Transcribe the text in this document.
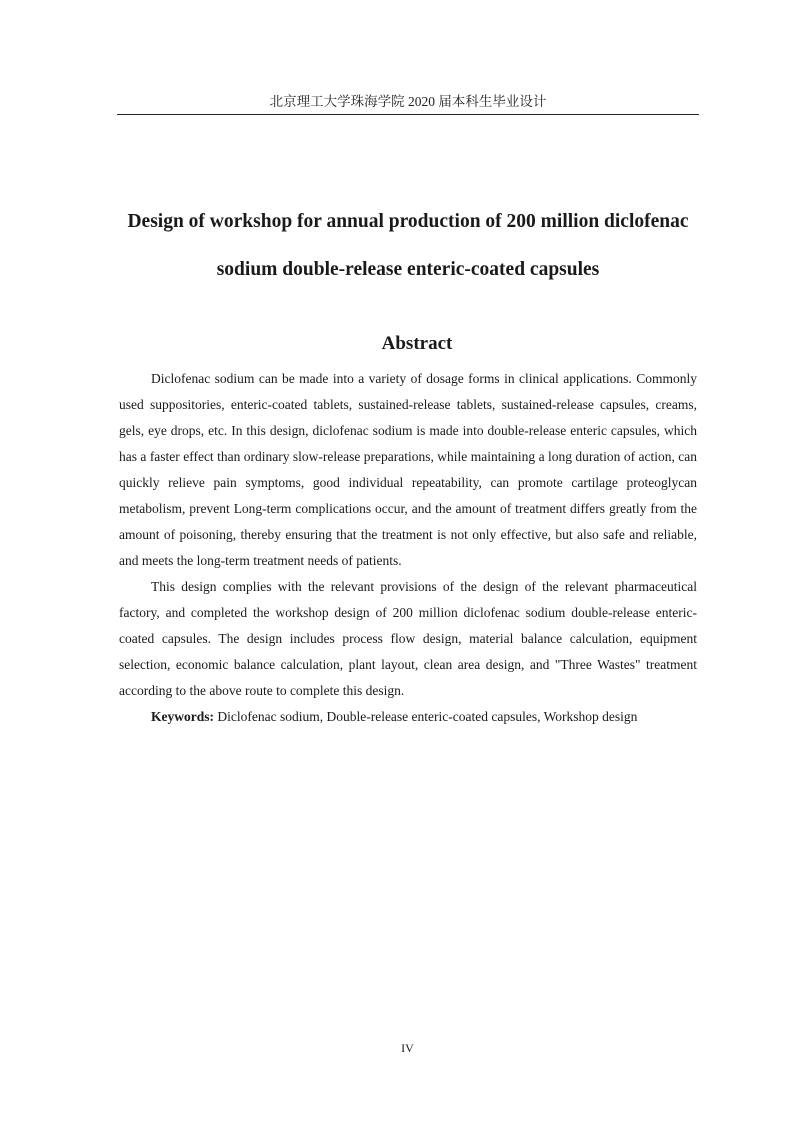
北京理工大学珠海学院 2020 届本科生毕业设计
Design of workshop for annual production of 200 million diclofenac
sodium double-release enteric-coated capsules
Abstract

Diclofenac sodium can be made into a variety of dosage forms in clinical applications. Commonly used suppositories, enteric-coated tablets, sustained-release tablets, sustained-release capsules, creams, gels, eye drops, etc. In this design, diclofenac sodium is made into double-release enteric capsules, which has a faster effect than ordinary slow-release preparations, while maintaining a long duration of action, can quickly relieve pain symptoms, good individual repeatability, can promote cartilage proteoglycan metabolism, prevent Long-term complications occur, and the amount of treatment differs greatly from the amount of poisoning, thereby ensuring that the treatment is not only effective, but also safe and reliable, and meets the long-term treatment needs of patients.

This design complies with the relevant provisions of the design of the relevant pharmaceutical factory, and completed the workshop design of 200 million diclofenac sodium double-release enteric-coated capsules. The design includes process flow design, material balance calculation, equipment selection, economic balance calculation, plant layout, clean area design, and "Three Wastes" treatment according to the above route to complete this design.

Keywords: Diclofenac sodium, Double-release enteric-coated capsules, Workshop design

IV
